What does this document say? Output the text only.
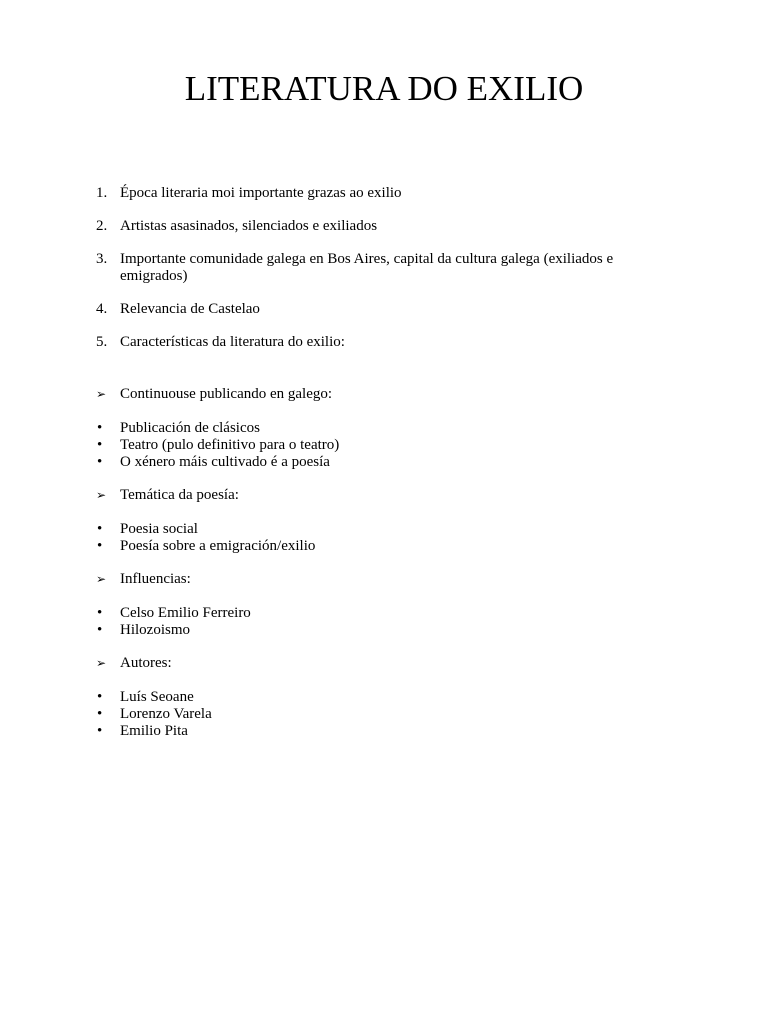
LITERATURA DO EXILIO
1. Época literaria moi importante grazas ao exilio
2. Artistas asasinados, silenciados e exiliados
3. Importante comunidade galega en Bos Aires, capital da cultura galega (exiliados e emigrados)
4. Relevancia de Castelao
5. Características da literatura do exilio:
➢ Continuouse publicando en galego:
• Publicación de clásicos
• Teatro (pulo definitivo para o teatro)
• O xénero máis cultivado é a poesía
➢ Temática da poesía:
• Poesia social
• Poesía sobre a emigración/exilio
➢ Influencias:
• Celso Emilio Ferreiro
• Hilozoismo
➢ Autores:
• Luís Seoane
• Lorenzo Varela
• Emilio Pita
